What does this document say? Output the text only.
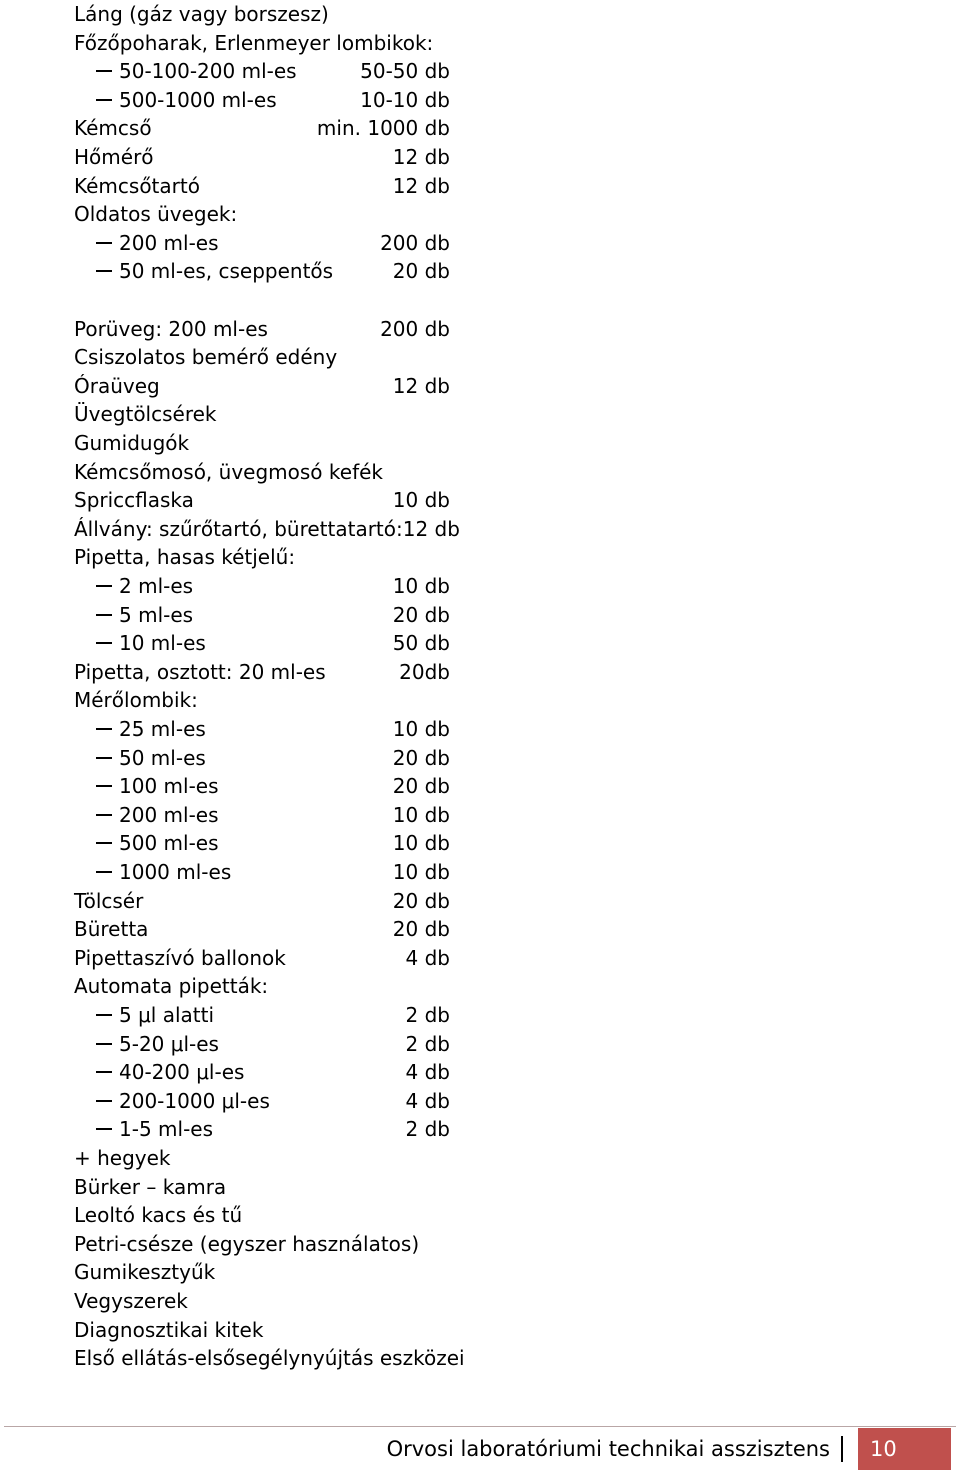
Láng (gáz vagy borszesz)
Főzőpoharak, Erlenmeyer lombikok:
50-100-200 ml-es	50-50 db
500-1000 ml-es	10-10 db
Kémcső	min. 1000 db
Hőmérő	12 db
Kémcsőtartó	12 db
Oldatos üvegek:
200 ml-es	200 db
50 ml-es, cseppentős	20 db
Porüveg: 200 ml-es	200 db
Csiszolatos bemérő edény
Óraüveg	12 db
Üvegtölcsérek
Gumidugók
Kémcsőmosó, üvegmosó kefék
Spriccflaska	10 db
Állvány: szűrőtartó, bürettatartó:12 db
Pipetta, hasas kétjelű:
2 ml-es	10 db
5 ml-es	20 db
10 ml-es	50 db
Pipetta, osztott: 20 ml-es	20db
Mérőlombik:
25 ml-es	10 db
50 ml-es	20 db
100 ml-es	20 db
200 ml-es	10 db
500 ml-es	10 db
1000 ml-es	10 db
Tölcsér	20 db
Büretta	20 db
Pipettaszívó ballonok	4 db
Automata pipetták:
5 μl alatti	2 db
5-20 μl-es	2 db
40-200 μl-es	4 db
200-1000 μl-es	4 db
1-5 ml-es	2 db
+ hegyek
Bürker – kamra
Leoltó kacs és tű
Petri-csésze (egyszer használatos)
Gumikesztyűk
Vegyszerek
Diagnosztikai kitek
Első ellátás-elsősegélynyújtás eszközei
Orvosi laboratóriumi technikai asszisztens	10
